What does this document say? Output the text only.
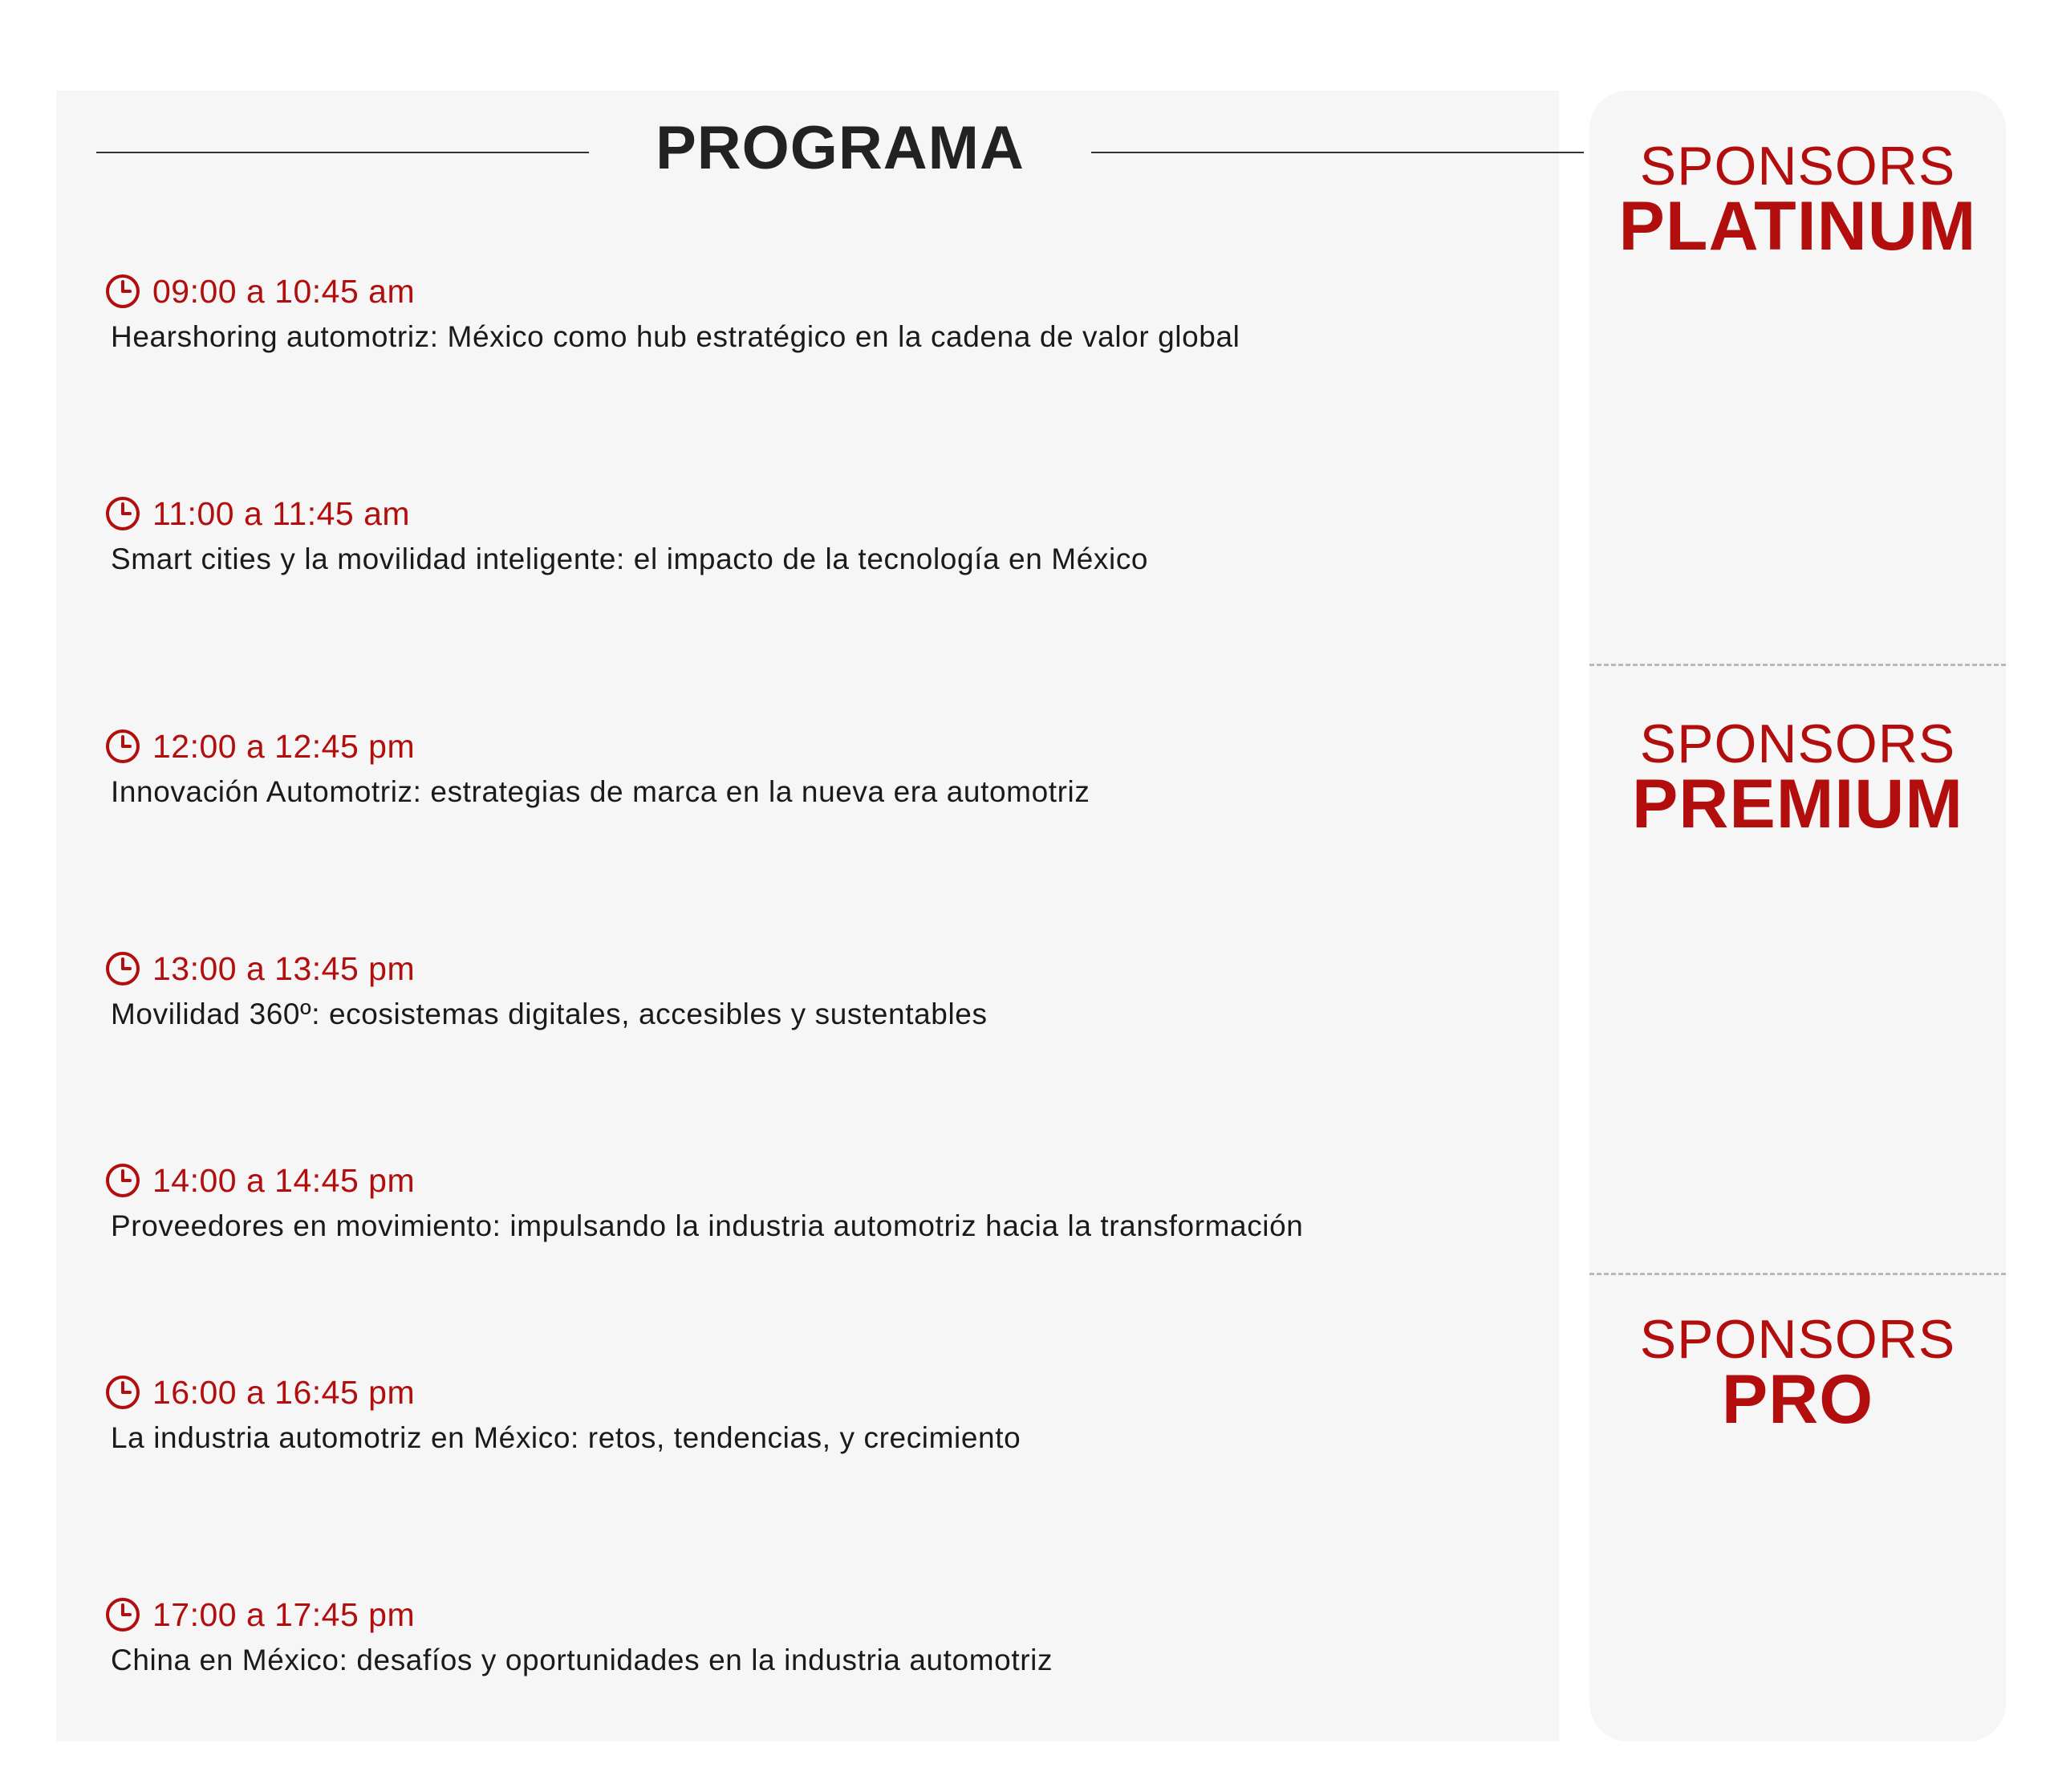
PROGRAMA
09:00 a 10:45 am
Hearshoring automotriz: México como hub estratégico en la cadena de valor global
11:00 a 11:45 am
Smart cities y la movilidad inteligente: el impacto de la tecnología en México
12:00 a 12:45 pm
Innovación Automotriz: estrategias de marca en la nueva era automotriz
13:00 a 13:45 pm
Movilidad 360º: ecosistemas digitales, accesibles y sustentables
14:00 a 14:45 pm
Proveedores en movimiento: impulsando la industria automotriz hacia la transformación
16:00 a 16:45 pm
La industria automotriz en México: retos, tendencias, y crecimiento
17:00 a 17:45 pm
China en México: desafíos y oportunidades en la industria automotriz
SPONSORS
PLATINUM
SPONSORS
PREMIUM
SPONSORS
PRO
